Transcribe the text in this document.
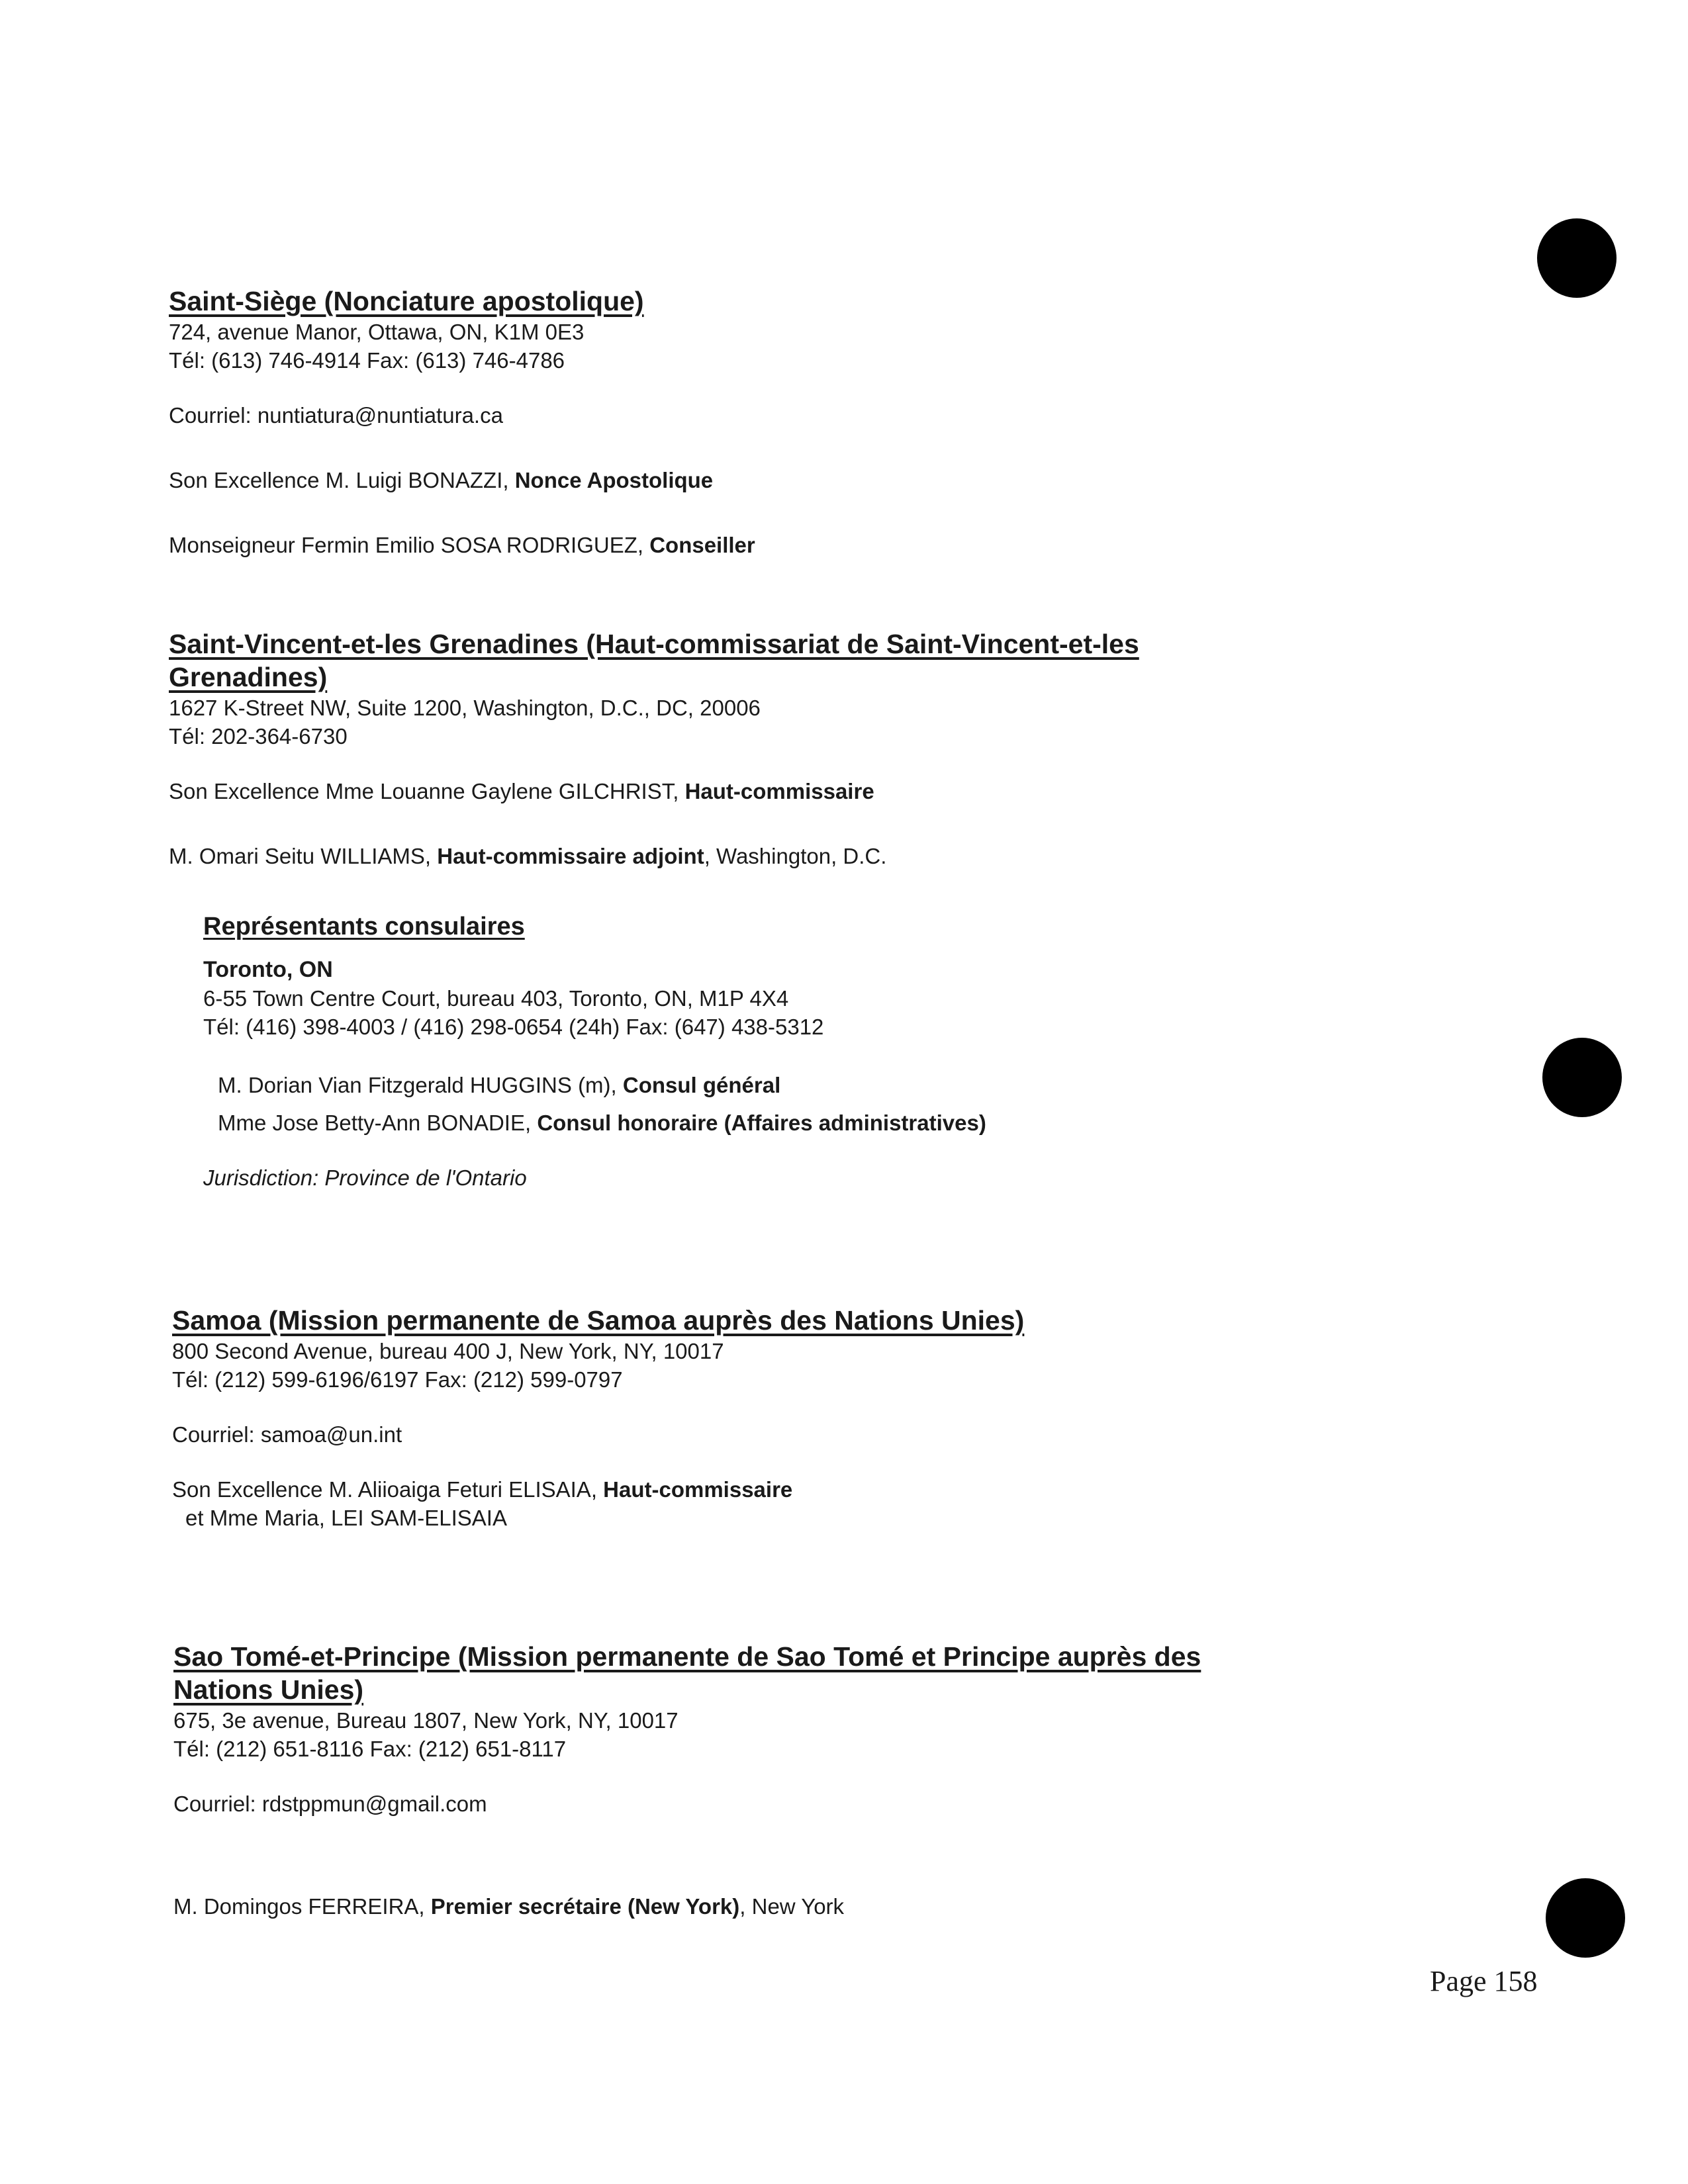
Saint-Siège (Nonciature apostolique)

724, avenue Manor, Ottawa, ON, K1M 0E3

Tél: (613) 746-4914 Fax: (613) 746-4786

Courriel: nuntiatura@nuntiatura.ca

Son Excellence M. Luigi BONAZZI, Nonce Apostolique

Monseigneur Fermin Emilio SOSA RODRIGUEZ, Conseiller

Saint-Vincent-et-les Grenadines (Haut-commissariat de Saint-Vincent-et-les
Grenadines)

1627 K-Street NW, Suite 1200, Washington, D.C., DC, 20006

Tél: 202-364-6730

Son Excellence Mme Louanne Gaylene GILCHRIST, Haut-commissaire

M. Omari Seitu WILLIAMS, Haut-commissaire adjoint, Washington, D.C.

Représentants consulaires

Toronto, ON

6-55 Town Centre Court, bureau 403, Toronto, ON, M1P 4X4

Tél: (416) 398-4003 / (416) 298-0654 (24h) Fax: (647) 438-5312

M. Dorian Vian Fitzgerald HUGGINS (m), Consul général

Mme Jose Betty-Ann BONADIE, Consul honoraire (Affaires administratives)

Jurisdiction: Province de l'Ontario

Samoa (Mission permanente de Samoa auprès des Nations Unies)

800 Second Avenue, bureau 400 J, New York, NY, 10017

Tél: (212) 599-6196/6197 Fax: (212) 599-0797

Courriel: samoa@un.int

Son Excellence M. Aliioaiga Feturi ELISAIA, Haut-commissaire

et Mme Maria, LEI SAM-ELISAIA

Sao Tomé-et-Principe (Mission permanente de Sao Tomé et Principe auprès des
Nations Unies)

675, 3e avenue, Bureau 1807, New York, NY, 10017

Tél: (212) 651-8116 Fax: (212) 651-8117

Courriel: rdstppmun@gmail.com

M. Domingos FERREIRA, Premier secrétaire (New York), New York

Page 158
